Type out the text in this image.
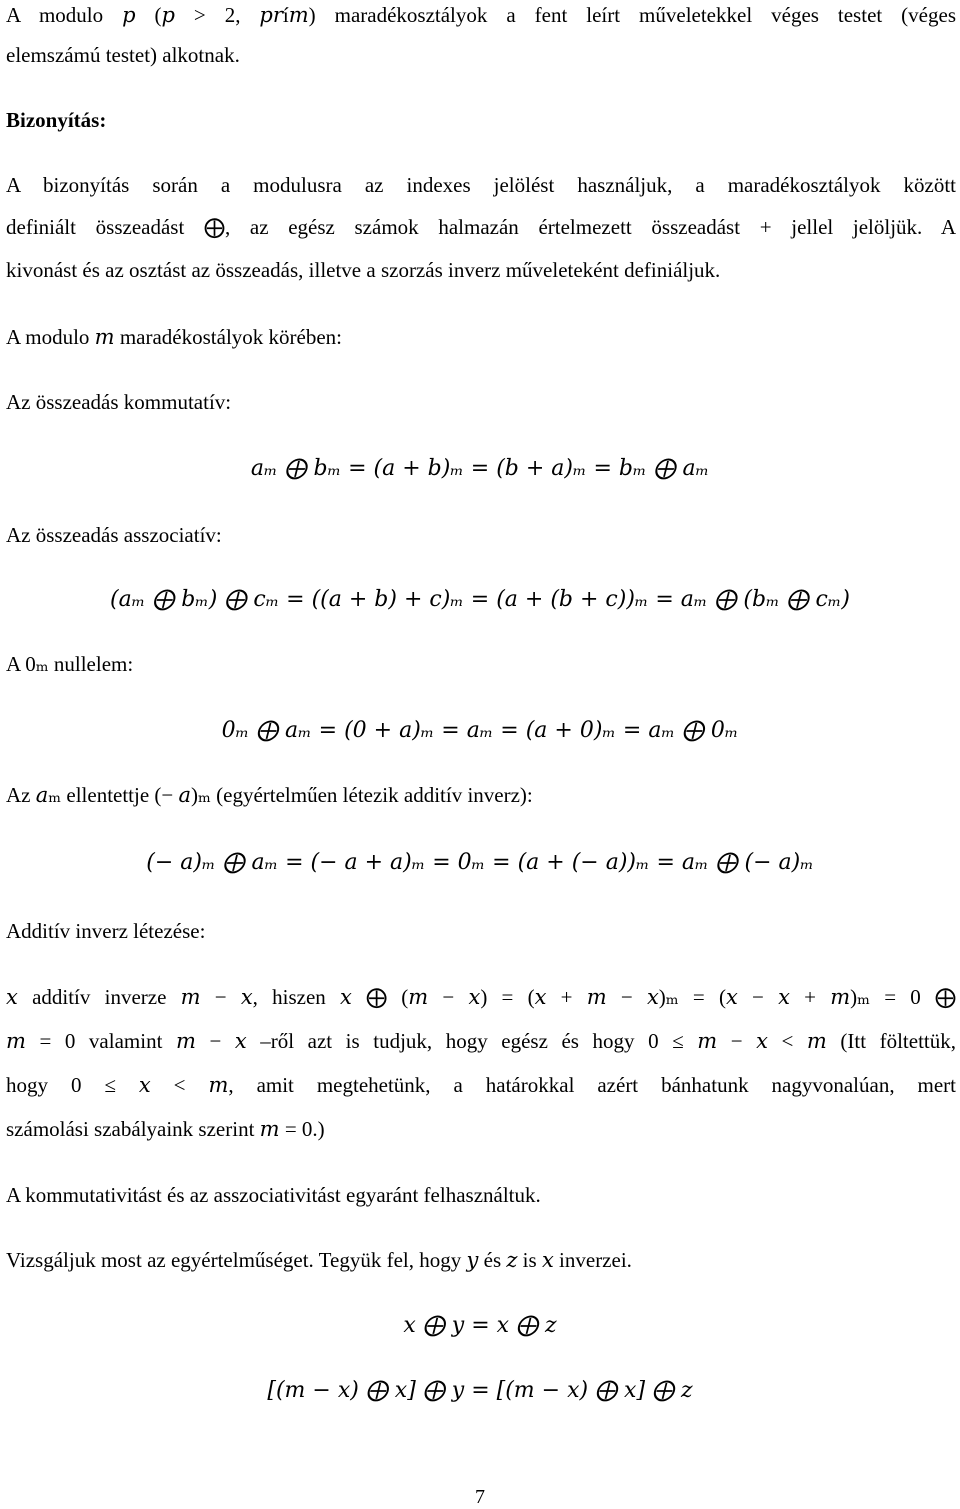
A modulo 𝑝 (𝑝 > 2, 𝑝𝑟í𝑚) maradékosztályok a fent leírt műveletekkel véges testet (véges
elemszámú testet) alkotnak.
Bizonyítás:
A bizonyítás során a modulusra az indexes jelölést használjuk, a maradékosztályok között
definiált összeadást ⨁, az egész számok halmazán értelmezett összeadást + jellel jelöljük. A
kivonást és az osztást az összeadás, illetve a szorzás inverz műveleteként definiáljuk.
A modulo 𝑚 maradékostályok körében:
Az összeadás kommutatív:
𝑎ₘ ⨁ 𝑏ₘ = (𝑎 + 𝑏)ₘ = (𝑏 + 𝑎)ₘ = 𝑏ₘ ⨁ 𝑎ₘ
Az összeadás asszociatív:
(𝑎ₘ ⨁ 𝑏ₘ) ⨁ 𝑐ₘ = ((𝑎 + 𝑏) + 𝑐)ₘ = (𝑎 + (𝑏 + 𝑐))ₘ = 𝑎ₘ ⨁ (𝑏ₘ ⨁ 𝑐ₘ)
A 0ₘ nullelem:
0ₘ ⨁ 𝑎ₘ = (0 + 𝑎)ₘ = 𝑎ₘ = (𝑎 + 0)ₘ = 𝑎ₘ ⨁ 0ₘ
Az 𝑎ₘ ellentettje (− 𝑎)ₘ (egyértelműen létezik additív inverz):
(− 𝑎)ₘ ⨁ 𝑎ₘ = (− 𝑎 + 𝑎)ₘ = 0ₘ = (𝑎 + (− 𝑎))ₘ = 𝑎ₘ ⨁ (− 𝑎)ₘ
Additív inverz létezése:
𝑥 additív inverze 𝑚 − 𝑥, hiszen 𝑥 ⨁ (𝑚 − 𝑥) = (𝑥 + 𝑚 − 𝑥)ₘ = (𝑥 − 𝑥 + 𝑚)ₘ = 0 ⨁
𝑚 = 0 valamint 𝑚 − 𝑥 –ről azt is tudjuk, hogy egész és hogy 0 ≤ 𝑚 − 𝑥 < 𝑚 (Itt föltettük,
hogy 0 ≤ 𝑥 < 𝑚, amit megtehetünk, a határokkal azért bánhatunk nagyvonalúan, mert
számolási szabályaink szerint 𝑚 = 0.)
A kommutativitást és az asszociativitást egyaránt felhasználtuk.
Vizsgáljuk most az egyértelműséget. Tegyük fel, hogy 𝑦 és 𝑧 is 𝑥 inverzei.
𝑥 ⨁ 𝑦 = 𝑥 ⨁ 𝑧
[(𝑚 − 𝑥) ⨁ 𝑥] ⨁ 𝑦 = [(𝑚 − 𝑥) ⨁ 𝑥] ⨁ 𝑧
7
